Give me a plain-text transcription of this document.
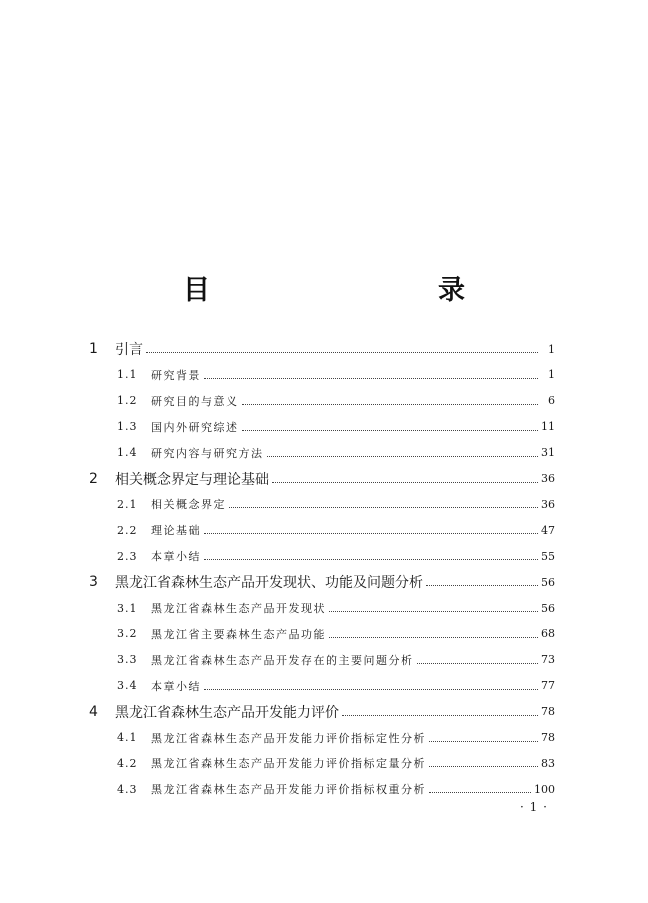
目　　录
1	引言	1
1.1	研究背景	1
1.2	研究目的与意义	6
1.3	国内外研究综述	11
1.4	研究内容与研究方法	31
2	相关概念界定与理论基础	36
2.1	相关概念界定	36
2.2	理论基础	47
2.3	本章小结	55
3	黑龙江省森林生态产品开发现状、功能及问题分析	56
3.1	黑龙江省森林生态产品开发现状	56
3.2	黑龙江省主要森林生态产品功能	68
3.3	黑龙江省森林生态产品开发存在的主要问题分析	73
3.4	本章小结	77
4	黑龙江省森林生态产品开发能力评价	78
4.1	黑龙江省森林生态产品开发能力评价指标定性分析	78
4.2	黑龙江省森林生态产品开发能力评价指标定量分析	83
4.3	黑龙江省森林生态产品开发能力评价指标权重分析	100
· 1 ·
